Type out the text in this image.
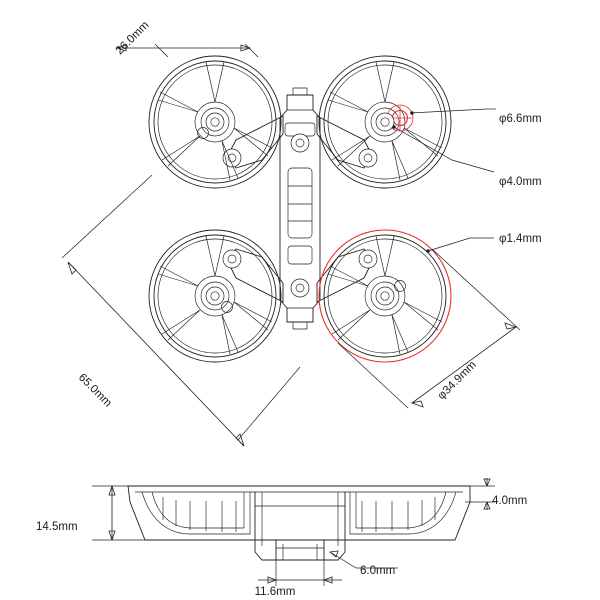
26.0mm
65.0mm	φ34.9mm
φ6.6mm
φ4.0mm
φ1.4mm
14.5mm
4.0mm
11.6mm
6.0mm
